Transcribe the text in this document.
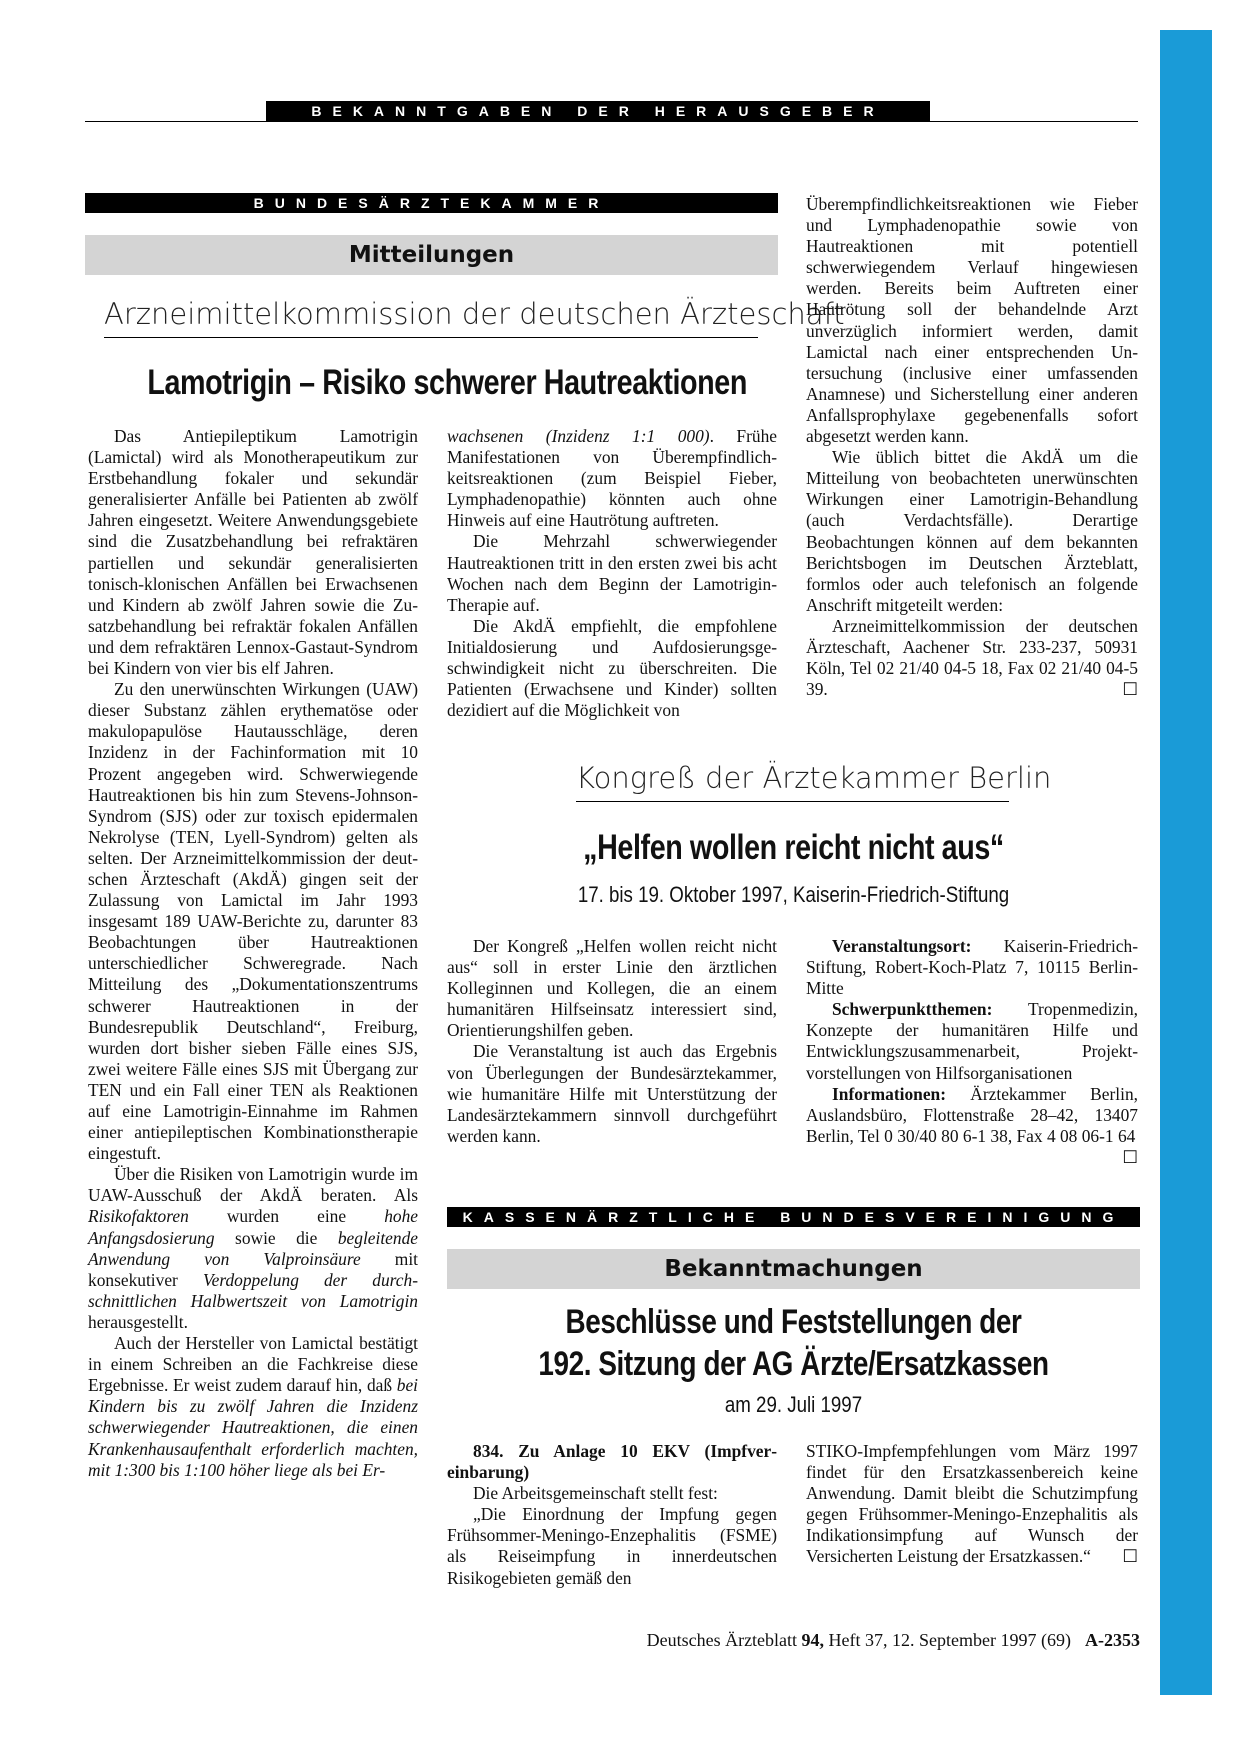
BEKANNTGABEN DER HERAUSGEBER
BUNDESÄRZTEKAMMER
Mitteilungen
Arzneimittelkommission der deutschen Ärzteschaft
Lamotrigin – Risiko schwerer Hautreaktionen

Das Antiepileptikum Lamotrigin (Lamictal) wird als Monotherapeutikum zur Erstbehandlung fokaler und sekundär generalisierter Anfälle bei Patienten ab zwölf Jahren eingesetzt. Weitere Anwendungsgebiete sind die Zusatzbehandlung bei refraktären partiellen und sekundär generalisierten tonisch-klonischen Anfällen bei Erwachsenen und Kindern ab zwölf Jahren sowie die Zusatzbehandlung bei refraktär fokalen Anfällen und dem refraktären Lennox-Gastaut-Syndrom bei Kindern von vier bis elf Jahren.

Zu den unerwünschten Wirkungen (UAW) dieser Substanz zählen erythematöse oder makulopapulöse Hautausschläge, deren Inzidenz in der Fachinformation mit 10 Prozent angegeben wird. Schwerwiegende Hautreaktionen bis hin zum Stevens-Johnson-Syndrom (SJS) oder zur toxisch epidermalen Nekrolyse (TEN, Lyell-Syndrom) gelten als selten. Der Arzneimittelkommission der deutschen Ärzteschaft (AkdÄ) gingen seit der Zulassung von Lamictal im Jahr 1993 insgesamt 189 UAW-Berichte zu, darunter 83 Beobachtungen über Hautreaktionen unterschiedlicher Schweregrade. Nach Mitteilung des „Dokumentationszentrums schwerer Hautreaktionen in der Bundesrepublik Deutschland“, Freiburg, wurden dort bisher sieben Fälle eines SJS, zwei weitere Fälle eines SJS mit Übergang zur TEN und ein Fall einer TEN als Reaktionen auf eine Lamotrigin-Einnahme im Rahmen einer antiepileptischen Kombinationstherapie eingestuft.

Über die Risiken von Lamotrigin wurde im UAW-Ausschuß der AkdÄ beraten. Als Risikofaktoren wurden eine hohe Anfangsdosierung sowie die begleitende Anwendung von Valproinsäure mit konsekutiver Verdoppelung der durchschnittlichen Halbwertszeit von Lamotrigin herausgestellt.

Auch der Hersteller von Lamictal bestätigt in einem Schreiben an die Fachkreise diese Ergebnisse. Er weist zudem darauf hin, daß bei Kindern bis zu zwölf Jahren die Inzidenz schwerwiegender Hautreaktionen, die einen Krankenhausaufenthalt erforderlich machten, mit 1:300 bis 1:100 höher liege als bei Er-

wachsenen (Inzidenz 1:1 000). Frühe Manifestationen von Überempfindlichkeitsreaktionen (zum Beispiel Fieber, Lymphadenopathie) könnten auch ohne Hinweis auf eine Hautrötung auftreten.

Die Mehrzahl schwerwiegender Hautreaktionen tritt in den ersten zwei bis acht Wochen nach dem Beginn der Lamotrigin-Therapie auf.

Die AkdÄ empfiehlt, die empfohlene Initialdosierung und Aufdosierungsgeschwindigkeit nicht zu überschreiten. Die Patienten (Erwachsene und Kinder) sollten dezidiert auf die Möglichkeit von

Überempfindlichkeitsreaktionen wie Fieber und Lymphadenopathie sowie von Hautreaktionen mit potentiell schwerwiegendem Verlauf hingewiesen werden. Bereits beim Auftreten einer Hautrötung soll der behandelnde Arzt unverzüglich informiert werden, damit Lamictal nach einer entsprechenden Untersuchung (inclusive einer umfassenden Anamnese) und Sicherstellung einer anderen Anfallsprophylaxe gegebenenfalls sofort abgesetzt werden kann.

Wie üblich bittet die AkdÄ um die Mitteilung von beobachteten unerwünschten Wirkungen einer Lamotrigin-Behandlung (auch Verdachtsfälle). Derartige Beobachtungen können auf dem bekannten Berichtsbogen im Deutschen Ärzteblatt, formlos oder auch telefonisch an folgende Anschrift mitgeteilt werden:

Arzneimittelkommission der deutschen Ärzteschaft, Aachener Str. 233-237, 50931 Köln, Tel 02 21/40 04-5 18, Fax 02 21/40 04-5 39.	☐

Kongreß der Ärztekammer Berlin
„Helfen wollen reicht nicht aus“
17. bis 19. Oktober 1997, Kaiserin-Friedrich-Stiftung

Der Kongreß „Helfen wollen reicht nicht aus“ soll in erster Linie den ärztlichen Kolleginnen und Kollegen, die an einem humanitären Hilfseinsatz interessiert sind, Orientierungshilfen geben.

Die Veranstaltung ist auch das Ergebnis von Überlegungen der Bundesärztekammer, wie humanitäre Hilfe mit Unterstützung der Landesärztekammern sinnvoll durchgeführt werden kann.

Veranstaltungsort: Kaiserin-Friedrich-Stiftung, Robert-Koch-Platz 7, 10115 Berlin-Mitte

Schwerpunktthemen: Tropenmedizin, Konzepte der humanitären Hilfe und Entwicklungszusammenarbeit, Projektvorstellungen von Hilfsorganisationen

Informationen: Ärztekammer Berlin, Auslandsbüro, Flottenstraße 28–42, 13407 Berlin, Tel 0 30/40 80 6-1 38, Fax 4 08 06-1 64
☐

KASSENÄRZTLICHE BUNDESVEREINIGUNG
Bekanntmachungen
Beschlüsse und Feststellungen der
192. Sitzung der AG Ärzte/Ersatzkassen
am 29. Juli 1997

834. Zu Anlage 10 EKV (Impfvereinbarung)

Die Arbeitsgemeinschaft stellt fest:

„Die Einordnung der Impfung gegen Frühsommer-Meningo-Enzephalitis (FSME) als Reiseimpfung in innerdeutschen Risikogebieten gemäß den

STIKO-Impfempfehlungen vom März 1997 findet für den Ersatzkassenbereich keine Anwendung. Damit bleibt die Schutzimpfung gegen Frühsommer-Meningo-Enzephalitis als Indikationsimpfung auf Wunsch der Versicherten Leistung der Ersatzkassen.“ ☐

Deutsches Ärzteblatt 94, Heft 37, 12. September 1997 (69) A-2353
